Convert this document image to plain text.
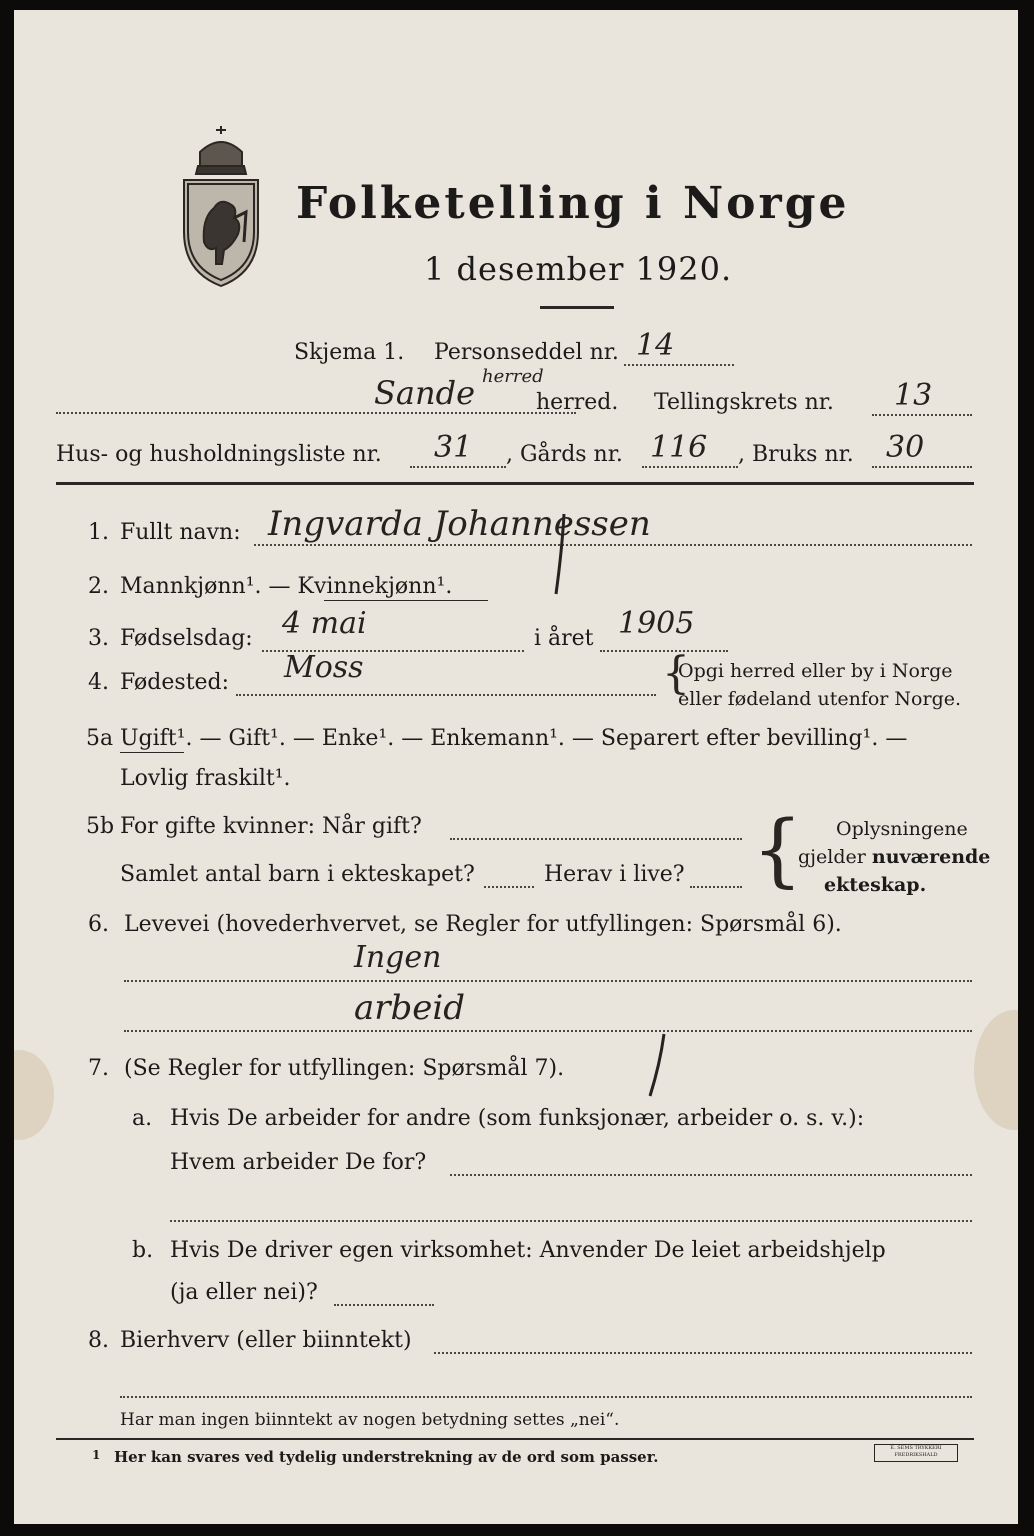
Folketelling i Norge
1 desember 1920.
Skjema 1. Personseddel nr. 14
Sande herred
herred. Tellingskrets nr. 13
Hus- og husholdningsliste nr. 31 , Gårds nr. 116 , Bruks nr. 30
1. Fullt navn: Ingvarda Johannessen
2. Mannkjønn¹. — Kvinnekjønn¹.
3. Fødselsdag: 4 mai	i året 1905
4. Fødested: Moss	{
Opgi herred eller by i Norge
eller fødeland utenfor Norge.
5a Ugift¹. — Gift¹. — Enke¹. — Enkemann¹. — Separert efter bevilling¹. —
Lovlig fraskilt¹.
5b For gifte kvinner: Når gift?
Samlet antal barn i ekteskapet?	Herav i live? { Oplysningene
gjelder nuværende
ekteskap.
6. Levevei (hovederhvervet, se Regler for utfyllingen: Spørsmål 6).
Ingen
arbeid
7. (Se Regler for utfyllingen: Spørsmål 7).
a. Hvis De arbeider for andre (som funksjonær, arbeider o. s. v.):
Hvem arbeider De for?
b. Hvis De driver egen virksomhet: Anvender De leiet arbeidshjelp
(ja eller nei)?
8. Bierhverv (eller biinntekt)
Har man ingen biinntekt av nogen betydning settes „nei“.
1 Her kan svares ved tydelig understrekning av de ord som passer.	E. SEMS TRYKKERI FREDRIKSHALD
